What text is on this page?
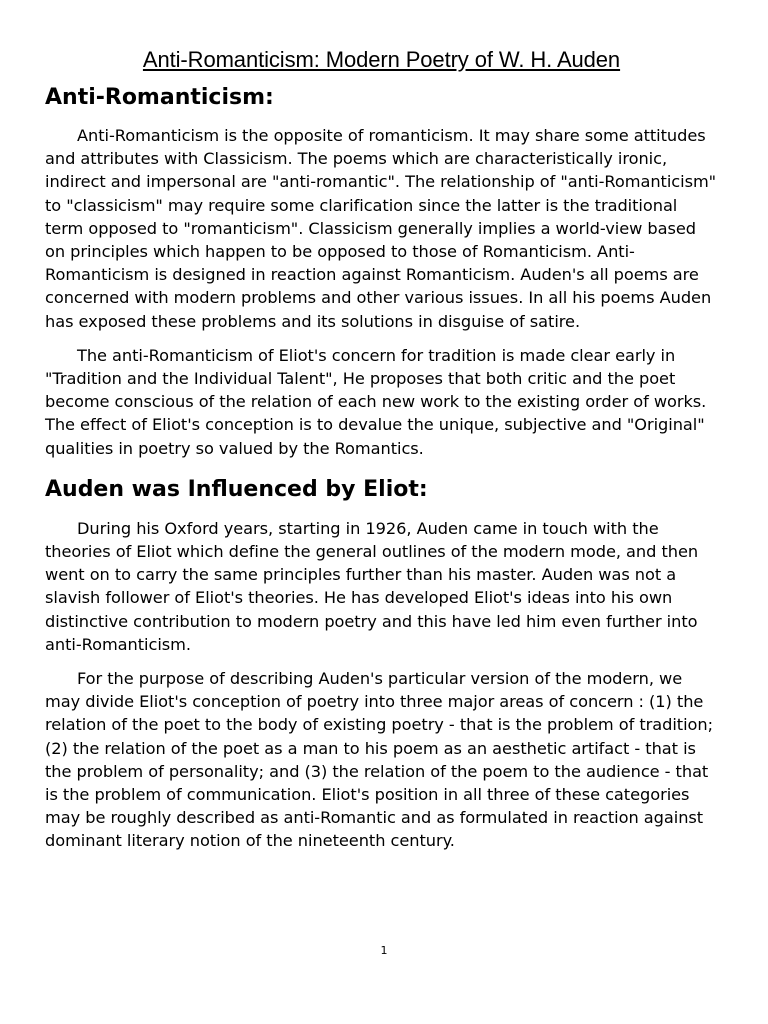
Anti-Romanticism: Modern Poetry of W. H. Auden
Anti-Romanticism:

Anti-Romanticism is the opposite of romanticism. It may share some attitudes and attributes with Classicism. The poems which are characteristically ironic, indirect and impersonal are "anti-romantic". The relationship of "anti-Romanticism" to "classicism" may require some clarification since the latter is the traditional term opposed to "romanticism". Classicism generally implies a world-view based on principles which happen to be opposed to those of Romanticism. Anti-Romanticism is designed in reaction against Romanticism. Auden's all poems are concerned with modern problems and other various issues. In all his poems Auden has exposed these problems and its solutions in disguise of satire.

The anti-Romanticism of Eliot's concern for tradition is made clear early in "Tradition and the Individual Talent", He proposes that both critic and the poet become conscious of the relation of each new work to the existing order of works. The effect of Eliot's conception is to devalue the unique, subjective and "Original" qualities in poetry so valued by the Romantics.

Auden was Influenced by Eliot:

During his Oxford years, starting in 1926, Auden came in touch with the theories of Eliot which define the general outlines of the modern mode, and then went on to carry the same principles further than his master. Auden was not a slavish follower of Eliot's theories. He has developed Eliot's ideas into his own distinctive contribution to modern poetry and this have led him even further into anti-Romanticism.

For the purpose of describing Auden's particular version of the modern, we may divide Eliot's conception of poetry into three major areas of concern : (1) the relation of the poet to the body of existing poetry - that is the problem of tradition; (2) the relation of the poet as a man to his poem as an aesthetic artifact - that is the problem of personality; and (3) the relation of the poem to the audience - that is the problem of communication. Eliot's position in all three of these categories may be roughly described as anti-Romantic and as formulated in reaction against dominant literary notion of the nineteenth century.

1
